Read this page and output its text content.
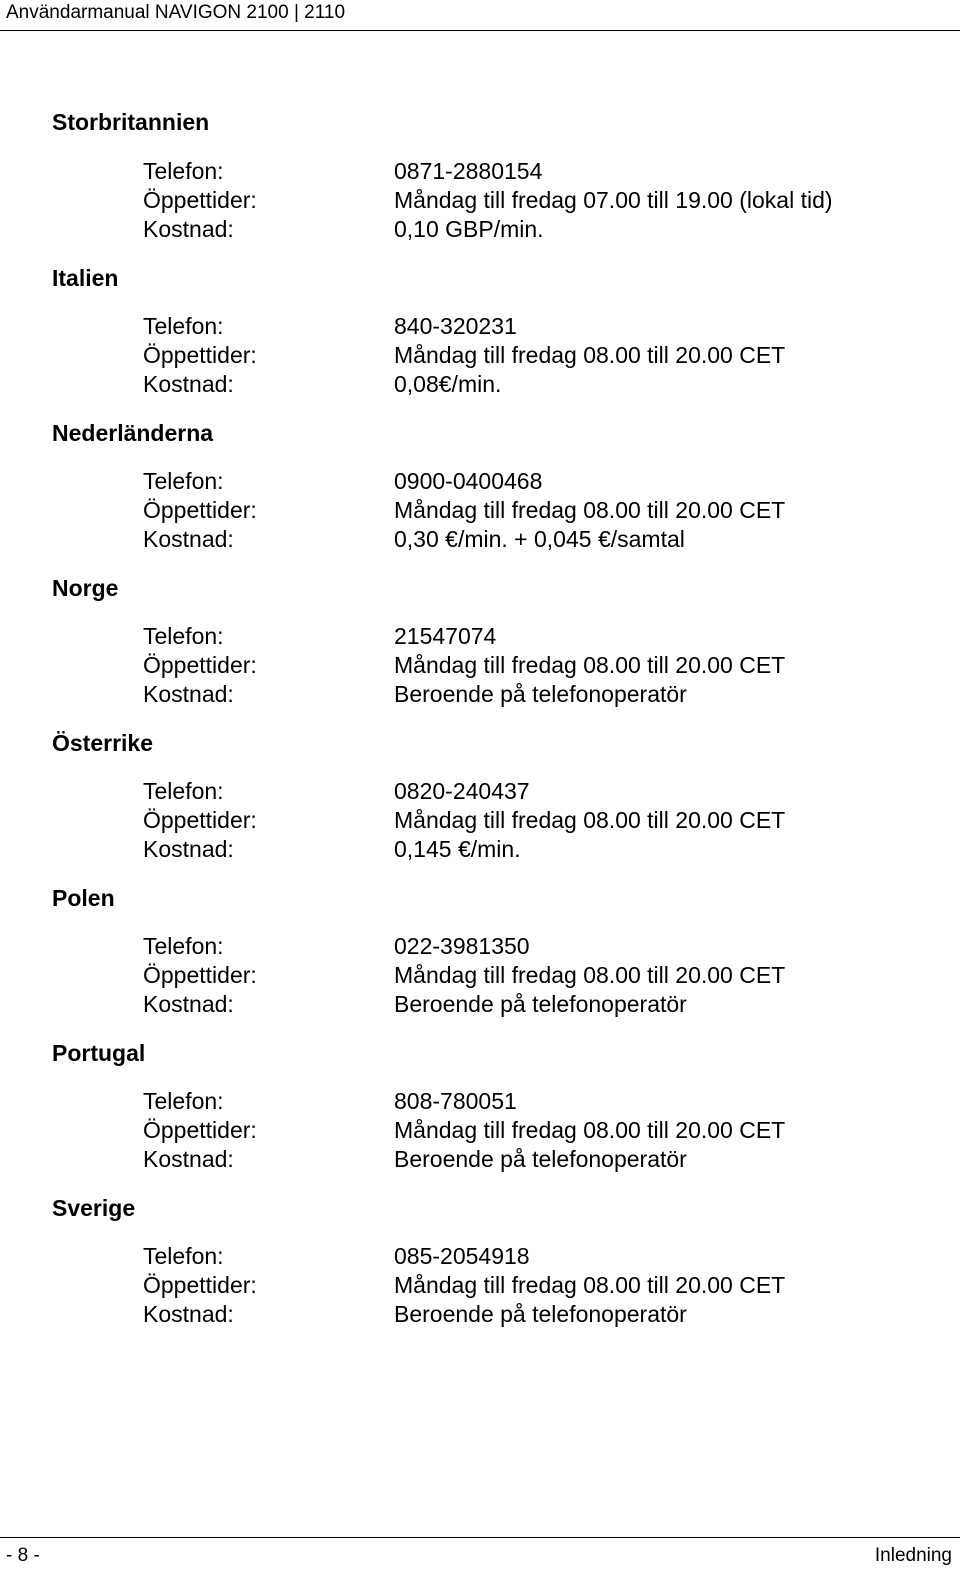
Användarmanual NAVIGON 2100 | 2110
Storbritannien
Telefon:	0871-2880154
Öppettider:	Måndag till fredag 07.00 till 19.00 (lokal tid)
Kostnad:	0,10 GBP/min.
Italien
Telefon:	840-320231
Öppettider:	Måndag till fredag 08.00 till 20.00 CET
Kostnad:	0,08€/min.
Nederländerna
Telefon:	0900-0400468
Öppettider:	Måndag till fredag 08.00 till 20.00 CET
Kostnad:	0,30 €/min. + 0,045 €/samtal
Norge
Telefon:	21547074
Öppettider:	Måndag till fredag 08.00 till 20.00 CET
Kostnad:	Beroende på telefonoperatör
Österrike
Telefon:	0820-240437
Öppettider:	Måndag till fredag 08.00 till 20.00 CET
Kostnad:	0,145 €/min.
Polen
Telefon:	022-3981350
Öppettider:	Måndag till fredag 08.00 till 20.00 CET
Kostnad:	Beroende på telefonoperatör
Portugal
Telefon:	808-780051
Öppettider:	Måndag till fredag 08.00 till 20.00 CET
Kostnad:	Beroende på telefonoperatör
Sverige
Telefon:	085-2054918
Öppettider:	Måndag till fredag 08.00 till 20.00 CET
Kostnad:	Beroende på telefonoperatör
- 8 -	Inledning
